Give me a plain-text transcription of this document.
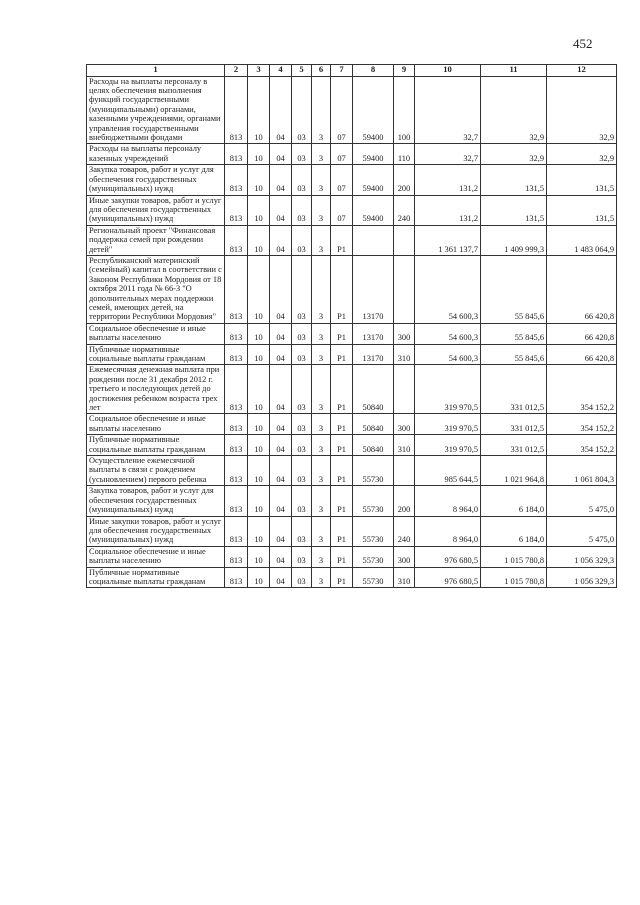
452
1	2	3	4	5	6	7	8	9	10	11	12
Расходы на выплаты персоналу в целях обеспечения выполнения функций государственными (муниципальными) органами, казенными учреждениями, органами управления государственными внебюджетными фондами	813	10	04	03	3	07	59400	100	32,7	32,9	32,9
Расходы на выплаты персоналу казенных учреждений	813	10	04	03	3	07	59400	110	32,7	32,9	32,9
Закупка товаров, работ и услуг для обеспечения государственных (муниципальных) нужд	813	10	04	03	3	07	59400	200	131,2	131,5	131,5
Иные закупки товаров, работ и услуг для обеспечения государственных (муниципальных) нужд	813	10	04	03	3	07	59400	240	131,2	131,5	131,5
Региональный проект "Финансовая поддержка семей при рождении детей"	813	10	04	03	3	P1			1 361 137,7	1 409 999,3	1 483 064,9
Республиканский материнский (семейный) капитал в соответствии с Законом Республики Мордовия от 18 октября 2011 года № 66-З "О дополнительных мерах поддержки семей, имеющих детей, на территории Республики Мордовия"	813	10	04	03	3	P1	13170		54 600,3	55 845,6	66 420,8
Социальное обеспечение и иные выплаты населению	813	10	04	03	3	P1	13170	300	54 600,3	55 845,6	66 420,8
Публичные нормативные социальные выплаты гражданам	813	10	04	03	3	P1	13170	310	54 600,3	55 845,6	66 420,8
Ежемесячная денежная выплата при рождении после 31 декабря 2012 г. третьего и последующих детей до достижения ребенком возраста трех лет	813	10	04	03	3	P1	50840		319 970,5	331 012,5	354 152,2
Социальное обеспечение и иные выплаты населению	813	10	04	03	3	P1	50840	300	319 970,5	331 012,5	354 152,2
Публичные нормативные социальные выплаты гражданам	813	10	04	03	3	P1	50840	310	319 970,5	331 012,5	354 152,2
Осуществление ежемесячной выплаты в связи с рождением (усыновлением) первого ребенка	813	10	04	03	3	P1	55730		985 644,5	1 021 964,8	1 061 804,3
Закупка товаров, работ и услуг для обеспечения государственных (муниципальных) нужд	813	10	04	03	3	P1	55730	200	8 964,0	6 184,0	5 475,0
Иные закупки товаров, работ и услуг для обеспечения государственных (муниципальных) нужд	813	10	04	03	3	P1	55730	240	8 964,0	6 184,0	5 475,0
Социальное обеспечение и иные выплаты населению	813	10	04	03	3	P1	55730	300	976 680,5	1 015 780,8	1 056 329,3
Публичные нормативные социальные выплаты гражданам	813	10	04	03	3	P1	55730	310	976 680,5	1 015 780,8	1 056 329,3
